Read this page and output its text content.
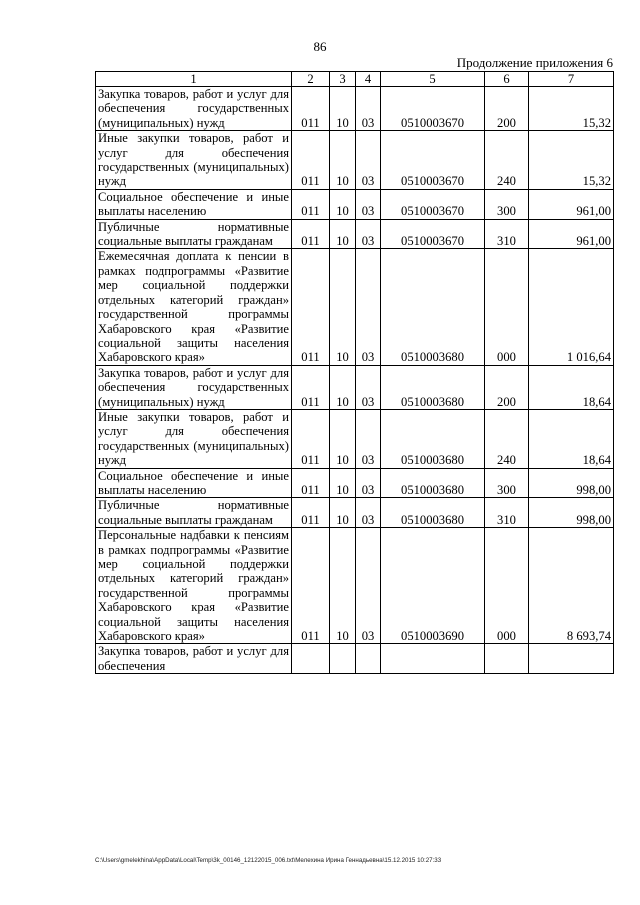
86
Продолжение приложения 6
1	2	3	4	5	6	7
Закупка товаров, работ и услуг для обеспечения государственных (муниципальных) нужд	011	10	03	0510003670	200	15,32
Иные закупки товаров, работ и услуг для обеспечения государственных (муниципальных) нужд	011	10	03	0510003670	240	15,32
Социальное обеспечение и иные выплаты населению	011	10	03	0510003670	300	961,00
Публичные нормативные социальные выплаты гражданам	011	10	03	0510003670	310	961,00
Ежемесячная доплата к пенсии в рамках подпрограммы «Развитие мер социальной поддержки отдельных категорий граждан» государственной программы Хабаровского края «Развитие социальной защиты населения Хабаровского края»	011	10	03	0510003680	000	1 016,64
Закупка товаров, работ и услуг для обеспечения государственных (муниципальных) нужд	011	10	03	0510003680	200	18,64
Иные закупки товаров, работ и услуг для обеспечения государственных (муниципальных) нужд	011	10	03	0510003680	240	18,64
Социальное обеспечение и иные выплаты населению	011	10	03	0510003680	300	998,00
Публичные нормативные социальные выплаты гражданам	011	10	03	0510003680	310	998,00
Персональные надбавки к пенсиям в рамках подпрограммы «Развитие мер социальной поддержки отдельных категорий граждан» государственной программы Хабаровского края «Развитие социальной защиты населения Хабаровского края»	011	10	03	0510003690	000	8 693,74
Закупка товаров, работ и услуг для обеспечения						
C:\Users\gmelekhina\AppData\Local\Temp\3k_00146_12122015_006.txt\Мелехина Ирина Геннадьевна\15.12.2015 10:27:33
